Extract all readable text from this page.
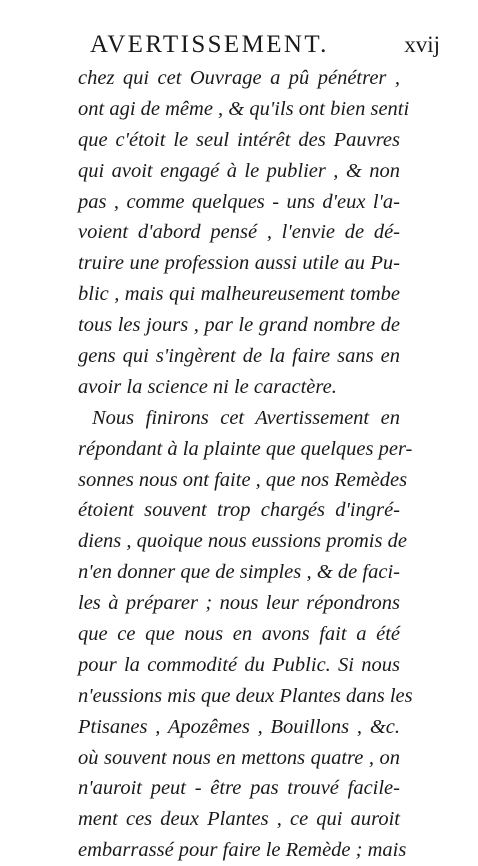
AVERTISSEMENT.	xvij
chez qui cet Ouvrage a pû pénétrer ,
ont agi de même , & qu'ils ont bien senti
que c'étoit le seul intérêt des Pauvres
qui avoit engagé à le publier , & non
pas , comme quelques - uns d'eux l'a-
voient d'abord pensé , l'envie de dé-
truire une profession aussi utile au Pu-
blic , mais qui malheureusement tombe
tous les jours , par le grand nombre de
gens qui s'ingèrent de la faire sans en
avoir la science ni le caractère.
Nous finirons cet Avertissement en
répondant à la plainte que quelques per-
sonnes nous ont faite , que nos Remèdes
étoient souvent trop chargés d'ingré-
diens , quoique nous eussions promis de
n'en donner que de simples , & de faci-
les à préparer ; nous leur répondrons
que ce que nous en avons fait a été
pour la commodité du Public. Si nous
n'eussions mis que deux Plantes dans les
Ptisanes , Apozêmes , Bouillons , &c.
où souvent nous en mettons quatre , on
n'auroit peut - être pas trouvé facile-
ment ces deux Plantes , ce qui auroit
embarrassé pour faire le Remède ; mais
